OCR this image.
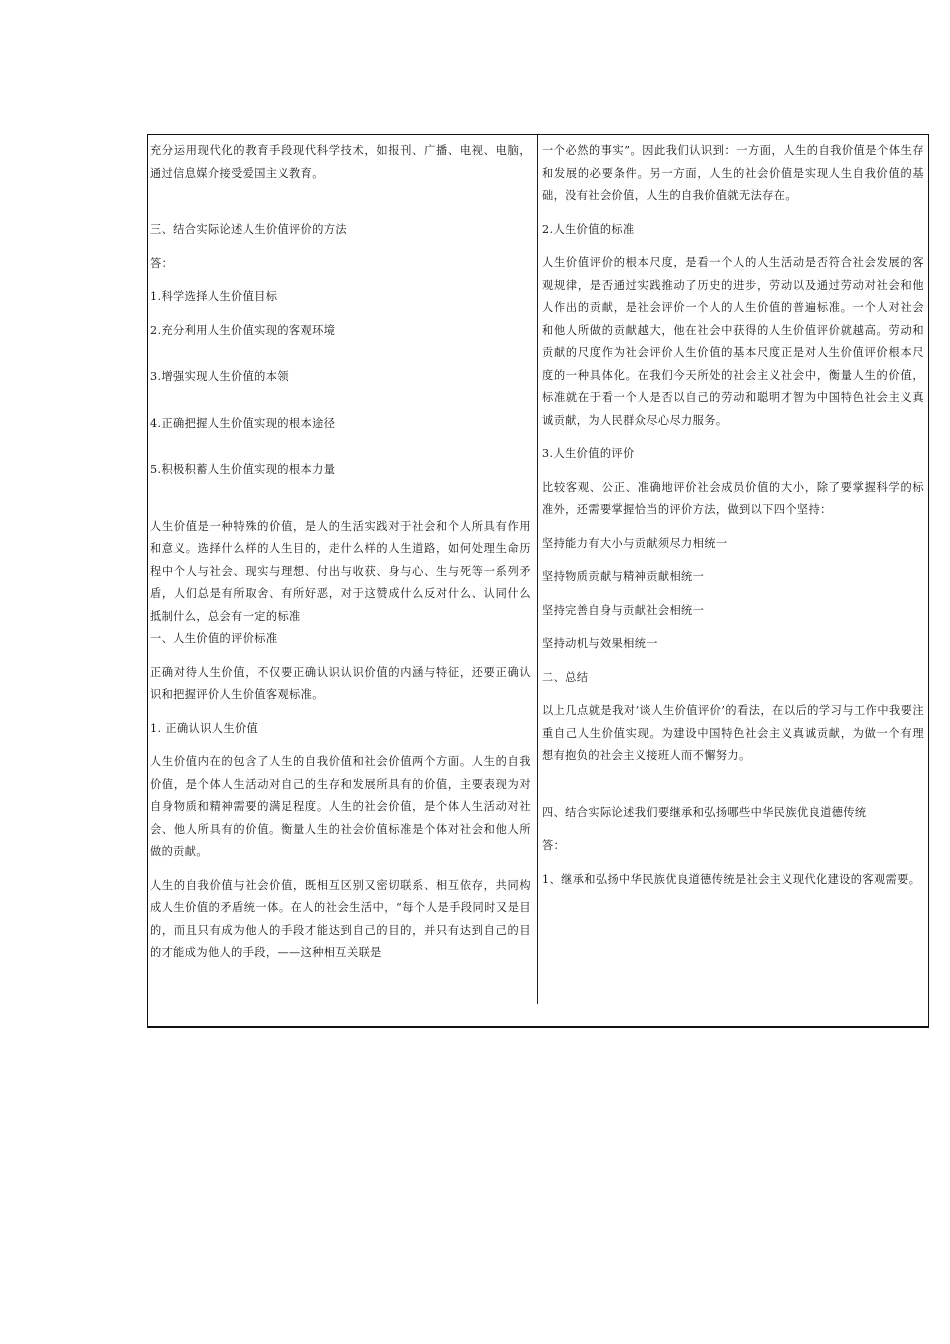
充分运用现代化的教育手段现代科学技术，如报刊、广播、电视、电脑，通过信息媒介接受爱国主义教育。

三、结合实际论述人生价值评价的方法

答：

1.科学选择人生价值目标

2.充分利用人生价值实现的客观环境

3.增强实现人生价值的本领

4.正确把握人生价值实现的根本途径

5.积极积蓄人生价值实现的根本力量

人生价值是一种特殊的价值，是人的生活实践对于社会和个人所具有作用和意义。选择什么样的人生目的，走什么样的人生道路，如何处理生命历程中个人与社会、现实与理想、付出与收获、身与心、生与死等一系列矛盾，人们总是有所取舍、有所好恶，对于这赞成什么反对什么、认同什么抵制什么，总会有一定的标准

一、人生价值的评价标准

正确对待人生价值，不仅要正确认识认识价值的内涵与特征，还要正确认识和把握评价人生价值客观标准。

1. 正确认识人生价值

人生价值内在的包含了人生的自我价值和社会价值两个方面。人生的自我价值，是个体人生活动对自己的生存和发展所具有的价值，主要表现为对自身物质和精神需要的满足程度。人生的社会价值，是个体人生活动对社会、他人所具有的价值。衡量人生的社会价值标准是个体对社会和他人所做的贡献。

人生的自我价值与社会价值，既相互区别又密切联系、相互依存，共同构成人生价值的矛盾统一体。在人的社会生活中，“每个人是手段同时又是目的，而且只有成为他人的手段才能达到自己的目的，并只有达到自己的目的才能成为他人的手段，——这种相互关联是

一个必然的事实”。因此我们认识到：一方面，人生的自我价值是个体生存和发展的必要条件。另一方面，人生的社会价值是实现人生自我价值的基础，没有社会价值，人生的自我价值就无法存在。

2.人生价值的标准

人生价值评价的根本尺度，是看一个人的人生活动是否符合社会发展的客观规律，是否通过实践推动了历史的进步，劳动以及通过劳动对社会和他人作出的贡献，是社会评价一个人的人生价值的普遍标准。一个人对社会和他人所做的贡献越大，他在社会中获得的人生价值评价就越高。劳动和贡献的尺度作为社会评价人生价值的基本尺度正是对人生价值评价根本尺度的一种具体化。在我们今天所处的社会主义社会中，衡量人生的价值，标准就在于看一个人是否以自己的劳动和聪明才智为中国特色社会主义真诚贡献，为人民群众尽心尽力服务。

3.人生价值的评价

比较客观、公正、准确地评价社会成员价值的大小，除了要掌握科学的标准外，还需要掌握恰当的评价方法，做到以下四个坚持：

坚持能力有大小与贡献须尽力相统一

坚持物质贡献与精神贡献相统一

坚持完善自身与贡献社会相统一

坚持动机与效果相统一

二、总结

以上几点就是我对‘谈人生价值评价’的看法，在以后的学习与工作中我要注重自己人生价值实现。为建设中国特色社会主义真诚贡献，为做一个有理想有抱负的社会主义接班人而不懈努力。

四、结合实际论述我们要继承和弘扬哪些中华民族优良道德传统

答：

1、继承和弘扬中华民族优良道德传统是社会主义现代化建设的客观需要。
